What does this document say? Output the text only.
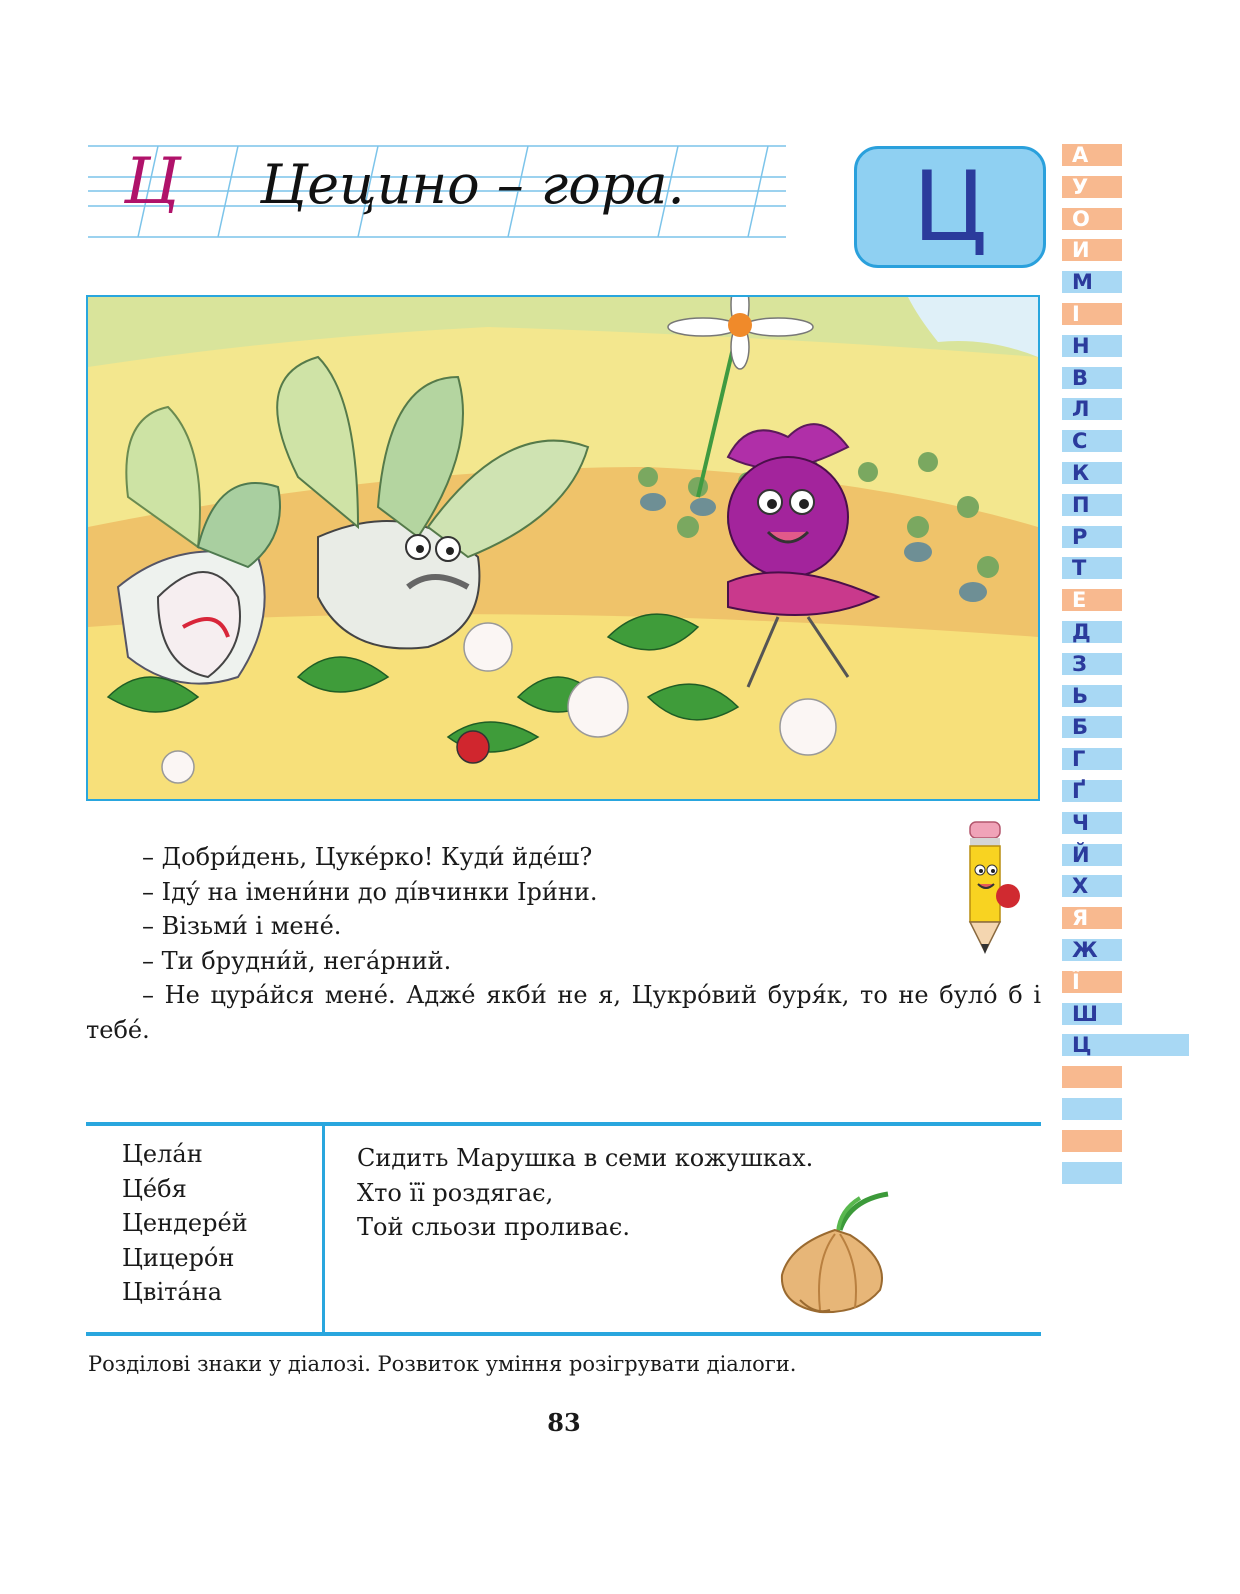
Ц Цецино – гора.	Ц	А
У
О
И
М
І
Н
В
Л
С
К
П
Р
Т
Е
Д
З
Ь
Б
Г
Ґ
Ч
Й
Х
Я
Ж
Ї
Ш
Ц

– Добри́день, Цуке́рко! Куди́ йде́ш?

– Іду́ на імени́ни до ді́вчинки Іри́ни.

– Візьми́ і мене́.

– Ти брудни́й, нега́рний.

– Не цура́йся мене́. Адже́ якби́ не я, Цукро́вий буря́к, то не було́ б і тебе́.

Цела́н
Це́бя
Цендере́й
Цицеро́н
Цвіта́на
Сидить Марушка в семи кожушках.
Хто її роздягає,
Той сльози проливає.
Розділові знаки у діалозі. Розвиток уміння розігрувати діалоги.
83
